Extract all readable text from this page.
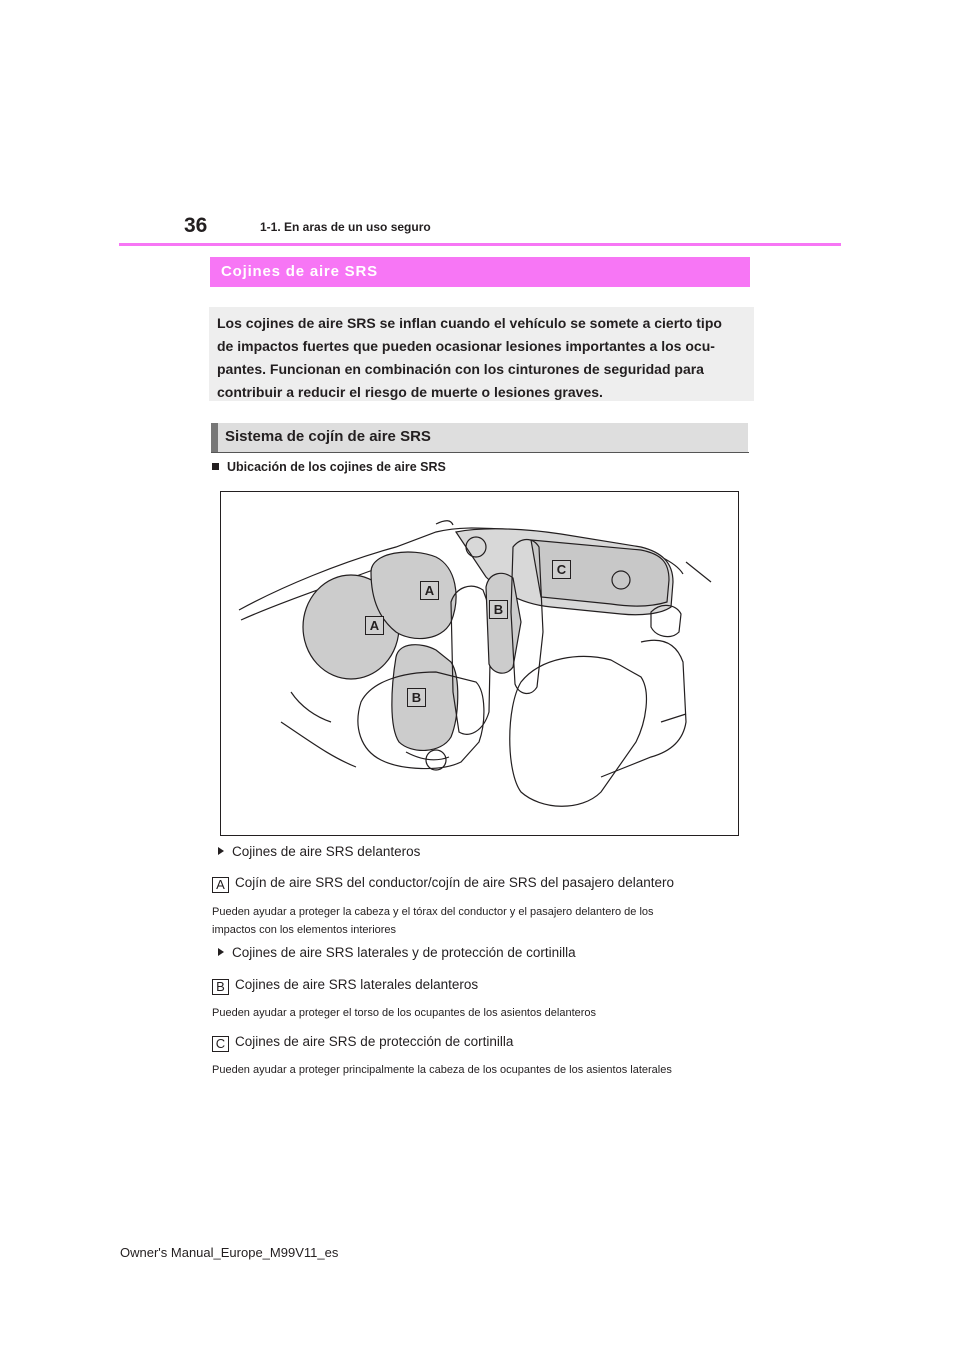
36	1-1. En aras de un uso seguro
Cojines de aire SRS
Los cojines de aire SRS se inflan cuando el vehículo se somete a cierto tipo
de impactos fuertes que pueden ocasionar lesiones importantes a los ocu-
pantes. Funcionan en combinación con los cinturones de seguridad para
contribuir a reducir el riesgo de muerte o lesiones graves.
Sistema de cojín de aire SRS
Ubicación de los cojines de aire SRS
A
A
B
B
C
Cojines de aire SRS delanteros
A Cojín de aire SRS del conductor/cojín de aire SRS del pasajero delantero
Pueden ayudar a proteger la cabeza y el tórax del conductor y el pasajero delantero de los
impactos con los elementos interiores
Cojines de aire SRS laterales y de protección de cortinilla
B Cojines de aire SRS laterales delanteros
Pueden ayudar a proteger el torso de los ocupantes de los asientos delanteros
C Cojines de aire SRS de protección de cortinilla
Pueden ayudar a proteger principalmente la cabeza de los ocupantes de los asientos laterales
Owner's Manual_Europe_M99V11_es
